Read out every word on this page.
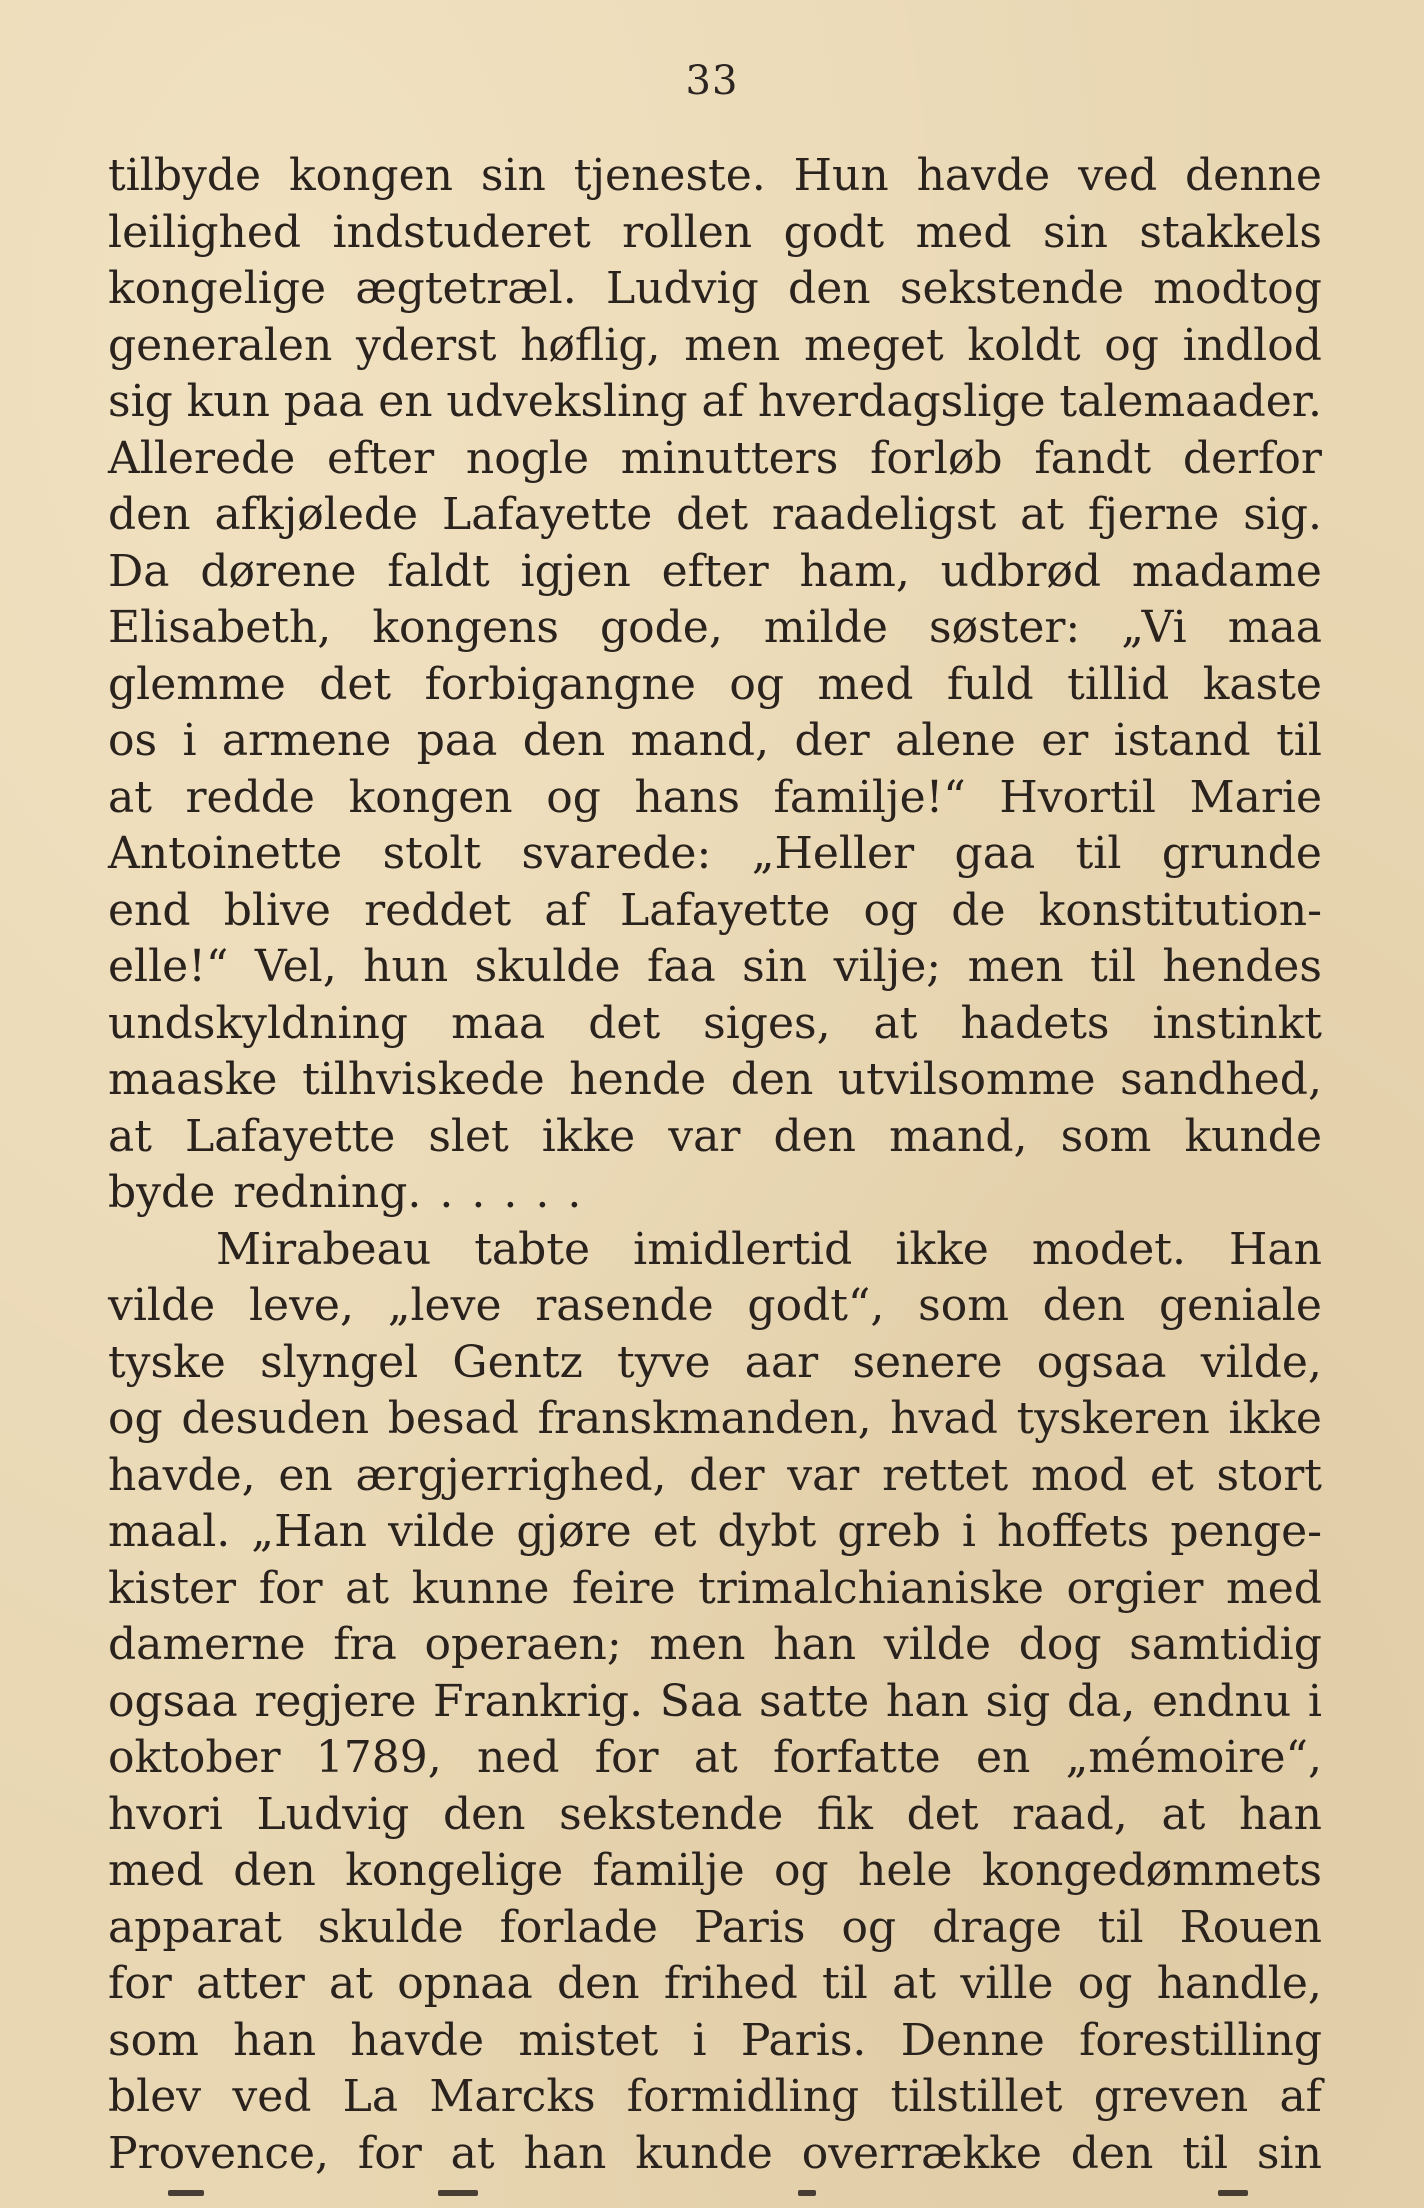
33
tilbyde kongen sin tjeneste. Hun havde ved denne
leilighed indstuderet rollen godt med sin stakkels
kongelige ægtetræl. Ludvig den sekstende modtog
generalen yderst høflig, men meget koldt og indlod
sig kun paa en udveksling af hverdagslige talemaader.
Allerede efter nogle minutters forløb fandt derfor
den afkjølede Lafayette det raadeligst at fjerne sig.
Da dørene faldt igjen efter ham, udbrød madame
Elisabeth, kongens gode, milde søster: „Vi maa
glemme det forbigangne og med fuld tillid kaste
os i armene paa den mand, der alene er istand til
at redde kongen og hans familje!“ Hvortil Marie
Antoinette stolt svarede: „Heller gaa til grunde
end blive reddet af Lafayette og de konstitution-
elle!“ Vel, hun skulde faa sin vilje; men til hendes
undskyldning maa det siges, at hadets instinkt
maaske tilhviskede hende den utvilsomme sandhed,
at Lafayette slet ikke var den mand, som kunde
byde redning. . . . . .
Mirabeau tabte imidlertid ikke modet. Han
vilde leve, „leve rasende godt“, som den geniale
tyske slyngel Gentz tyve aar senere ogsaa vilde,
og desuden besad franskmanden, hvad tyskeren ikke
havde, en ærgjerrighed, der var rettet mod et stort
maal. „Han vilde gjøre et dybt greb i hoffets penge-
kister for at kunne feire trimalchianiske orgier med
damerne fra operaen; men han vilde dog samtidig
ogsaa regjere Frankrig. Saa satte han sig da, endnu i
oktober 1789, ned for at forfatte en „mémoire“,
hvori Ludvig den sekstende fik det raad, at han
med den kongelige familje og hele kongedømmets
apparat skulde forlade Paris og drage til Rouen
for atter at opnaa den frihed til at ville og handle,
som han havde mistet i Paris. Denne forestilling
blev ved La Marcks formidling tilstillet greven af
Provence, for at han kunde overrække den til sin
